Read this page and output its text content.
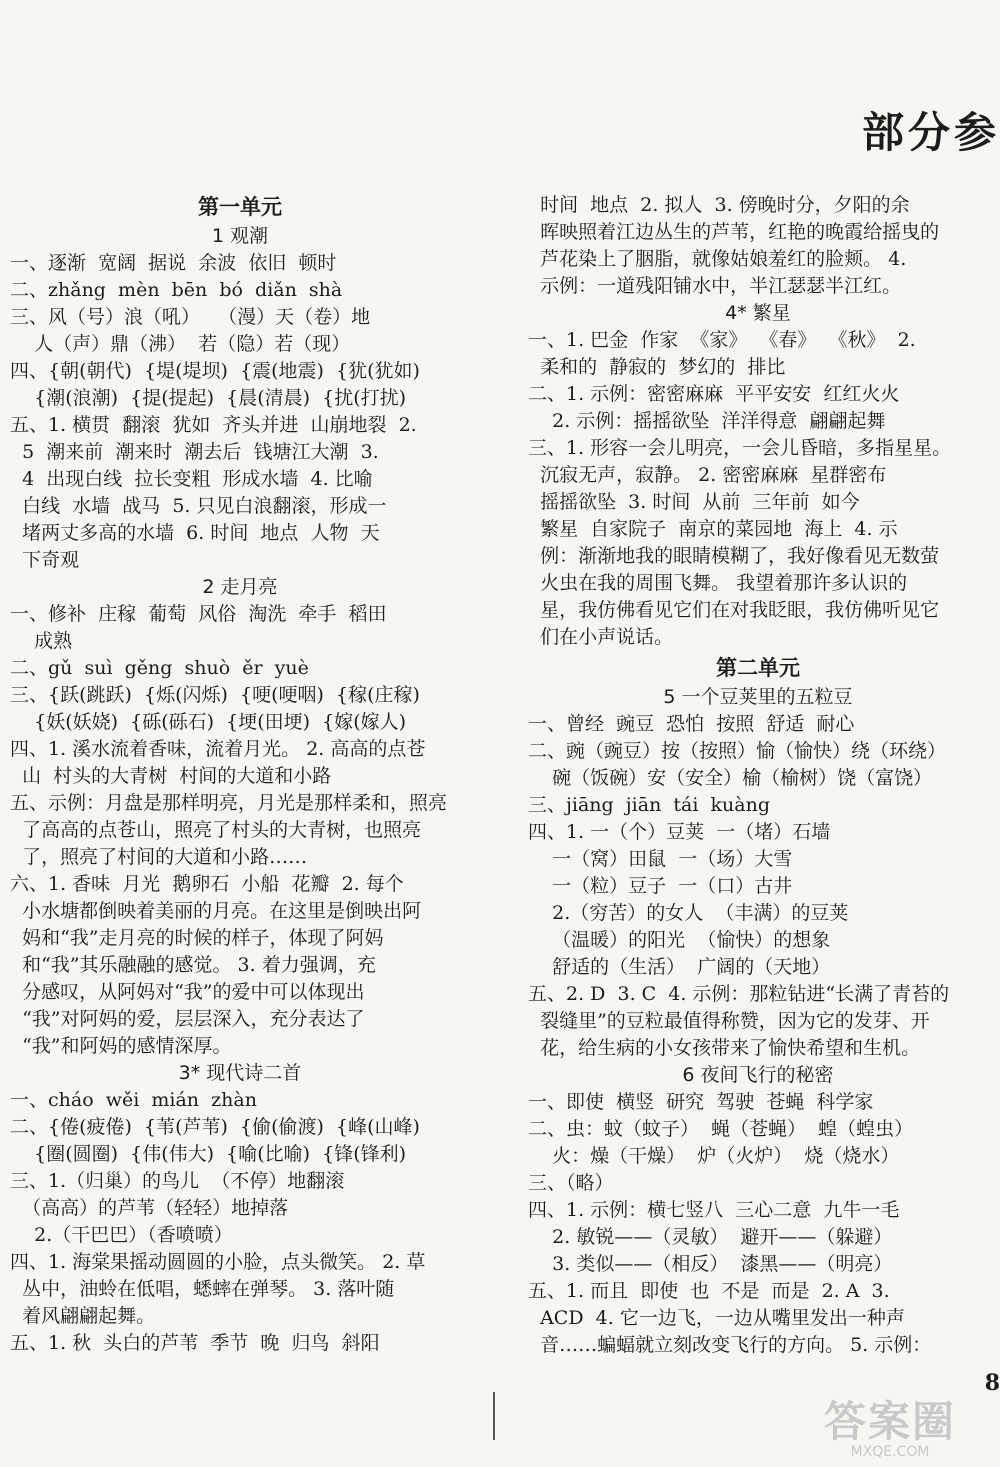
部分参
第一单元
1 观潮
一、逐渐  宽阔  据说  余波  依旧  顿时
二、zhǎng  mèn  bēn  bó  diǎn  shà
三、风（号）浪（吼）   （漫）天（卷）地
人（声）鼎（沸）  若（隐）若（现）
四、{朝(朝代)  {堤(堤坝)  {震(地震)  {犹(犹如)
{潮(浪潮)  {提(提起)  {晨(清晨)  {扰(打扰)
五、1. 横贯  翻滚  犹如  齐头并进  山崩地裂  2.
5  潮来前  潮来时  潮去后  钱塘江大潮  3.
4  出现白线  拉长变粗  形成水墙  4. 比喻
白线  水墙  战马  5. 只见白浪翻滚，形成一
堵两丈多高的水墙  6. 时间  地点  人物  天
下奇观
2 走月亮
一、修补  庄稼  葡萄  风俗  淘洗  牵手  稻田
成熟
二、gǔ  suì  gěng  shuò  ěr  yuè
三、{跃(跳跃)  {烁(闪烁)  {哽(哽咽)  {稼(庄稼)
{妖(妖娆)  {砾(砾石)  {埂(田埂)  {嫁(嫁人)
四、1. 溪水流着香味，流着月光。 2. 高高的点苍
山  村头的大青树  村间的大道和小路
五、示例：月盘是那样明亮，月光是那样柔和，照亮
了高高的点苍山，照亮了村头的大青树，也照亮
了，照亮了村间的大道和小路……
六、1. 香味  月光  鹅卵石  小船  花瓣  2. 每个
小水塘都倒映着美丽的月亮。在这里是倒映出阿
妈和“我”走月亮的时候的样子，体现了阿妈
和“我”其乐融融的感觉。 3. 着力强调，充
分感叹，从阿妈对“我”的爱中可以体现出
“我”对阿妈的爱，层层深入，充分表达了
“我”和阿妈的感情深厚。
3* 现代诗二首
一、cháo  wěi  mián  zhàn
二、{倦(疲倦)  {苇(芦苇)  {偷(偷渡)  {峰(山峰)
{圈(圆圈)  {伟(伟大)  {喻(比喻)  {锋(锋利)
三、1.（归巢）的鸟儿  （不停）地翻滚
（高高）的芦苇（轻轻）地掉落
2.（干巴巴）（香喷喷）
四、1. 海棠果摇动圆圆的小脸，点头微笑。 2. 草
丛中，油蛉在低唱，蟋蟀在弹琴。 3. 落叶随
着风翩翩起舞。
五、1. 秋  头白的芦苇  季节  晚  归鸟  斜阳
时间  地点  2. 拟人  3. 傍晚时分，夕阳的余
晖映照着江边丛生的芦苇，红艳的晚霞给摇曳的
芦花染上了胭脂，就像姑娘羞红的脸颊。 4.
示例：一道残阳铺水中，半江瑟瑟半江红。
4* 繁星
一、1. 巴金  作家  《家》  《春》  《秋》  2.
柔和的  静寂的  梦幻的  排比
二、1. 示例：密密麻麻  平平安安  红红火火
2. 示例：摇摇欲坠  洋洋得意  翩翩起舞
三、1. 形容一会儿明亮，一会儿昏暗，多指星星。
沉寂无声，寂静。 2. 密密麻麻  星群密布
摇摇欲坠  3. 时间  从前  三年前  如今
繁星  自家院子  南京的菜园地  海上  4. 示
例：渐渐地我的眼睛模糊了，我好像看见无数萤
火虫在我的周围飞舞。 我望着那许多认识的
星，我仿佛看见它们在对我眨眼，我仿佛听见它
们在小声说话。
第二单元
5 一个豆荚里的五粒豆
一、曾经  豌豆  恐怕  按照  舒适  耐心
二、豌（豌豆）按（按照）愉（愉快）绕（环绕）
碗（饭碗）安（安全）榆（榆树）饶（富饶）
三、jiāng  jiān  tái  kuàng
四、1. 一（个）豆荚  一（堵）石墙
一（窝）田鼠  一（场）大雪
一（粒）豆子  一（口）古井
2.（穷苦）的女人  （丰满）的豆荚
（温暖）的阳光  （愉快）的想象
舒适的（生活）  广阔的（天地）
五、2. D  3. C  4. 示例：那粒钻进“长满了青苔的
裂缝里”的豆粒最值得称赞，因为它的发芽、开
花，给生病的小女孩带来了愉快希望和生机。
6 夜间飞行的秘密
一、即使  横竖  研究  驾驶  苍蝇  科学家
二、虫：蚊（蚊子）  蝇（苍蝇）  蝗（蝗虫）
火：燥（干燥）  炉（火炉）  烧（烧水）
三、（略）
四、1. 示例：横七竖八  三心二意  九牛一毛
2. 敏锐——（灵敏）  避开——（躲避）
3. 类似——（相反）  漆黑——（明亮）
五、1. 而且  即使  也  不是  而是  2. A  3.
ACD  4. 它一边飞，一边从嘴里发出一种声
音……蝙蝠就立刻改变飞行的方向。 5. 示例：
8
答案圈
MXQE.COM
